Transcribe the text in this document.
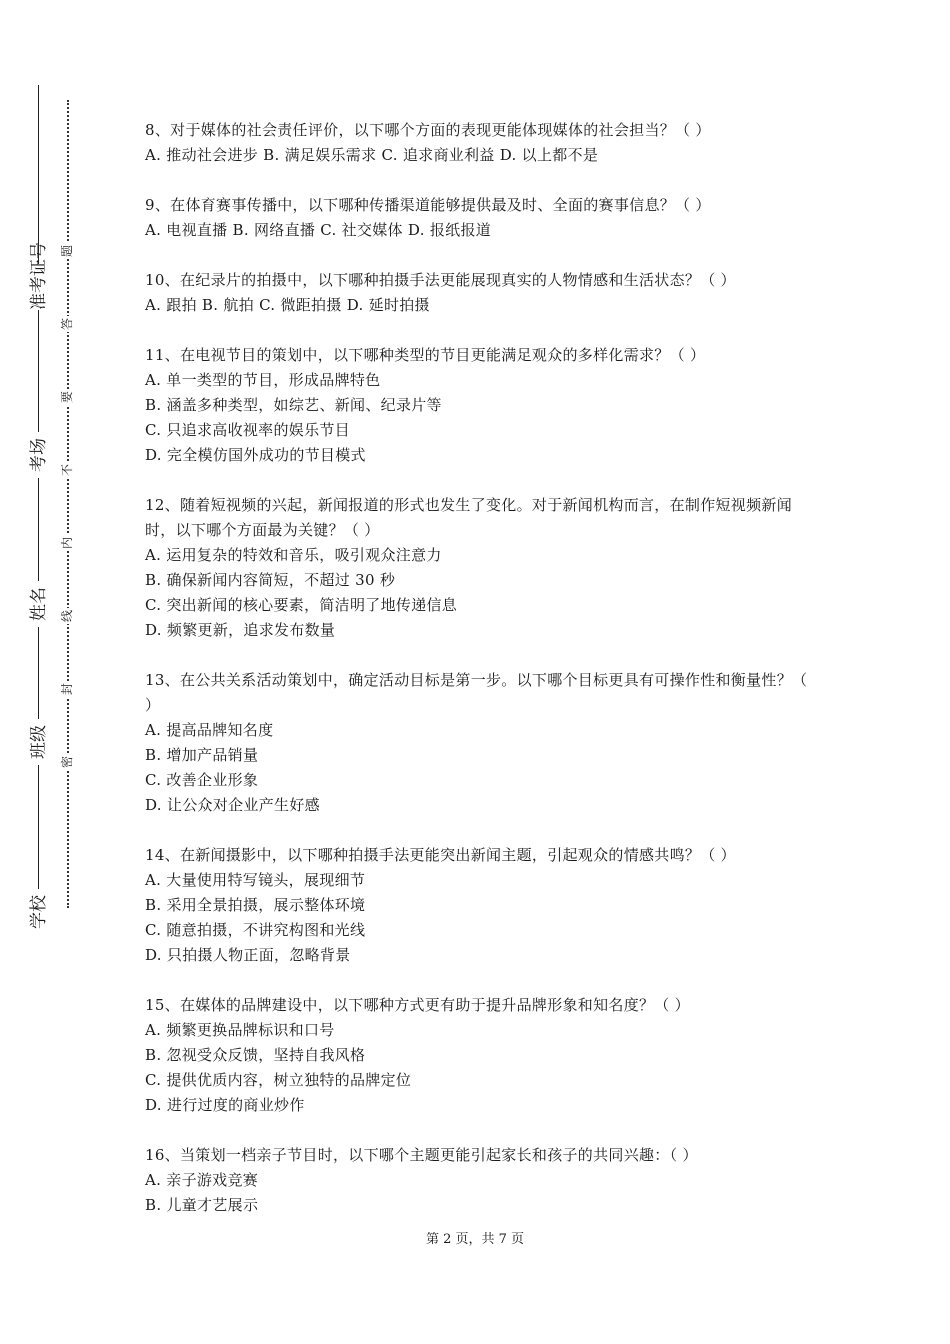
准考证号
考场
姓名
班级
学校
题
答
要
不
内
线
封
密
8、对于媒体的社会责任评价，以下哪个方面的表现更能体现媒体的社会担当？（ ）
A. 推动社会进步 B. 满足娱乐需求 C. 追求商业利益 D. 以上都不是
9、在体育赛事传播中，以下哪种传播渠道能够提供最及时、全面的赛事信息？（ ）
A. 电视直播 B. 网络直播 C. 社交媒体 D. 报纸报道
10、在纪录片的拍摄中，以下哪种拍摄手法更能展现真实的人物情感和生活状态？（ ）
A. 跟拍 B. 航拍 C. 微距拍摄 D. 延时拍摄
11、在电视节目的策划中，以下哪种类型的节目更能满足观众的多样化需求？（ ）
A. 单一类型的节目，形成品牌特色
B. 涵盖多种类型，如综艺、新闻、纪录片等
C. 只追求高收视率的娱乐节目
D. 完全模仿国外成功的节目模式
12、随着短视频的兴起，新闻报道的形式也发生了变化。对于新闻机构而言，在制作短视频新闻时，以下哪个方面最为关键？（ ）
A. 运用复杂的特效和音乐，吸引观众注意力
B. 确保新闻内容简短，不超过 30 秒
C. 突出新闻的核心要素，简洁明了地传递信息
D. 频繁更新，追求发布数量
13、在公共关系活动策划中，确定活动目标是第一步。以下哪个目标更具有可操作性和衡量性？（ ）
A. 提高品牌知名度
B. 增加产品销量
C. 改善企业形象
D. 让公众对企业产生好感
14、在新闻摄影中，以下哪种拍摄手法更能突出新闻主题，引起观众的情感共鸣？（ ）
A. 大量使用特写镜头，展现细节
B. 采用全景拍摄，展示整体环境
C. 随意拍摄，不讲究构图和光线
D. 只拍摄人物正面，忽略背景
15、在媒体的品牌建设中，以下哪种方式更有助于提升品牌形象和知名度？（ ）
A. 频繁更换品牌标识和口号
B. 忽视受众反馈，坚持自我风格
C. 提供优质内容，树立独特的品牌定位
D. 进行过度的商业炒作
16、当策划一档亲子节目时，以下哪个主题更能引起家长和孩子的共同兴趣：（ ）
A. 亲子游戏竞赛
B. 儿童才艺展示
第 2 页，共 7 页
